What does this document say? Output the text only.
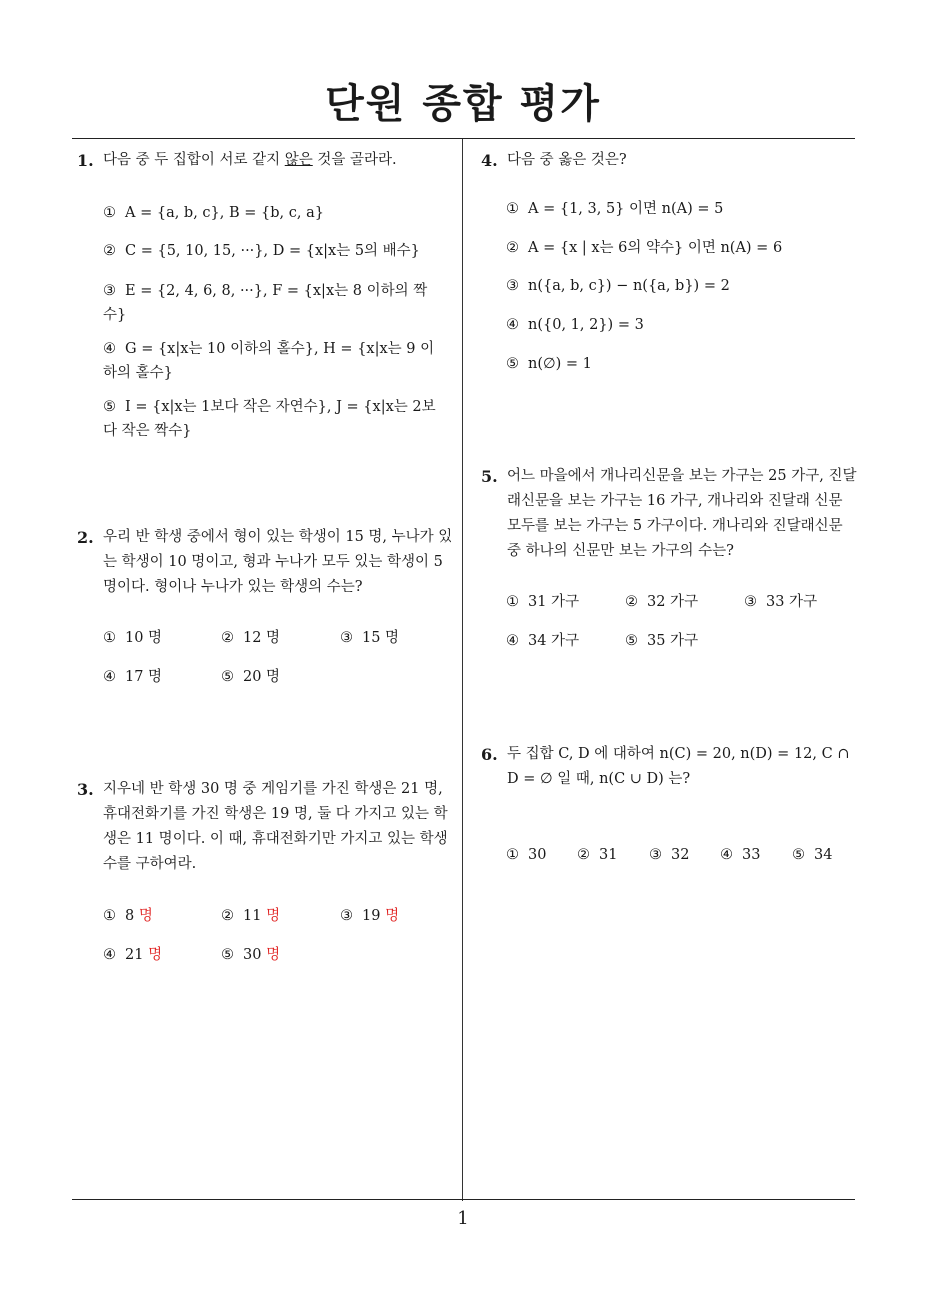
단원 종합 평가
1
1. 다음 중 두 집합이 서로 같지 않은 것을 골라라.
① A = {a, b, c}, B = {b, c, a}
② C = {5, 10, 15, ···}, D = {x|x는 5의 배수}
③ E = {2, 4, 6, 8, ···}, F = {x|x는 8 이하의 짝수}
④ G = {x|x는 10 이하의 홀수}, H = {x|x는 9 이하의 홀수}
⑤ I = {x|x는 1보다 작은 자연수}, J = {x|x는 2보다 작은 짝수}
2. 우리 반 학생 중에서 형이 있는 학생이 15 명, 누나가 있는 학생이 10 명이고, 형과 누나가 모두 있는 학생이 5 명이다. 형이나 누나가 있는 학생의 수는?
① 10 명	② 12 명	③ 15 명
④ 17 명	⑤ 20 명
3. 지우네 반 학생 30 명 중 게임기를 가진 학생은 21 명, 휴대전화기를 가진 학생은 19 명, 둘 다 가지고 있는 학생은 11 명이다. 이 때, 휴대전화기만 가지고 있는 학생 수를 구하여라.
① 8 명	② 11 명	③ 19 명
④ 21 명	⑤ 30 명
4. 다음 중 옳은 것은?
① A = {1, 3, 5} 이면 n(A) = 5
② A = {x | x는 6의 약수} 이면 n(A) = 6
③ n({a, b, c}) − n({a, b}) = 2
④ n({0, 1, 2}) = 3
⑤ n(∅) = 1
5. 어느 마을에서 개나리신문을 보는 가구는 25 가구, 진달래신문을 보는 가구는 16 가구, 개나리와 진달래 신문 모두를 보는 가구는 5 가구이다. 개나리와 진달래신문 중 하나의 신문만 보는 가구의 수는?
① 31 가구	② 32 가구	③ 33 가구
④ 34 가구	⑤ 35 가구
6. 두 집합 C, D 에 대하여 n(C) = 20, n(D) = 12, C ∩ D = ∅ 일 때, n(C ∪ D) 는?
① 30 ② 31 ③ 32 ④ 33 ⑤ 34
